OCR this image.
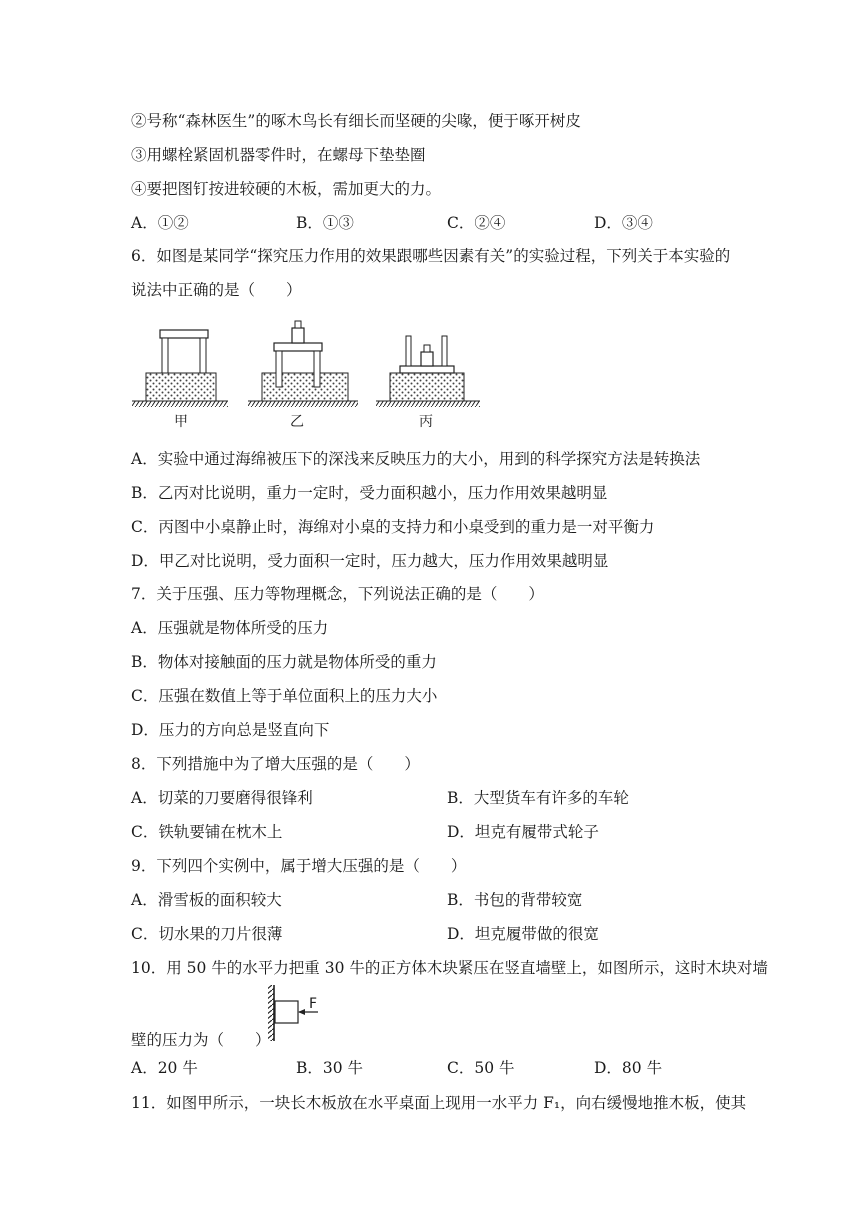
②号称“森林医生”的啄木鸟长有细长而坚硬的尖喙，便于啄开树皮
③用螺栓紧固机器零件时，在螺母下垫垫圈
④要把图钉按进较硬的木板，需加更大的力。
A．①②	B．①③	C．②④	D．③④
6．如图是某同学“探究压力作用的效果跟哪些因素有关”的实验过程，下列关于本实验的
说法中正确的是（　　）
甲	乙	丙
A．实验中通过海绵被压下的深浅来反映压力的大小，用到的科学探究方法是转换法
B．乙丙对比说明，重力一定时，受力面积越小，压力作用效果越明显
C．丙图中小桌静止时，海绵对小桌的支持力和小桌受到的重力是一对平衡力
D．甲乙对比说明，受力面积一定时，压力越大，压力作用效果越明显
7．关于压强、压力等物理概念，下列说法正确的是（　　）
A．压强就是物体所受的压力
B．物体对接触面的压力就是物体所受的重力
C．压强在数值上等于单位面积上的压力大小
D．压力的方向总是竖直向下
8．下列措施中为了增大压强的是（　　）
A．切菜的刀要磨得很锋利	B．大型货车有许多的车轮
C．铁轨要铺在枕木上	D．坦克有履带式轮子
9．下列四个实例中，属于增大压强的是（　　）
A．滑雪板的面积较大	B．书包的背带较宽
C．切水果的刀片很薄	D．坦克履带做的很宽
10．用 50 牛的水平力把重 30 牛的正方体木块紧压在竖直墙壁上，如图所示，这时木块对墙
F
壁的压力为（　　）
A．20 牛	B．30 牛	C．50 牛	D．80 牛
11．如图甲所示，一块长木板放在水平桌面上现用一水平力 F₁，向右缓慢地推木板，使其
